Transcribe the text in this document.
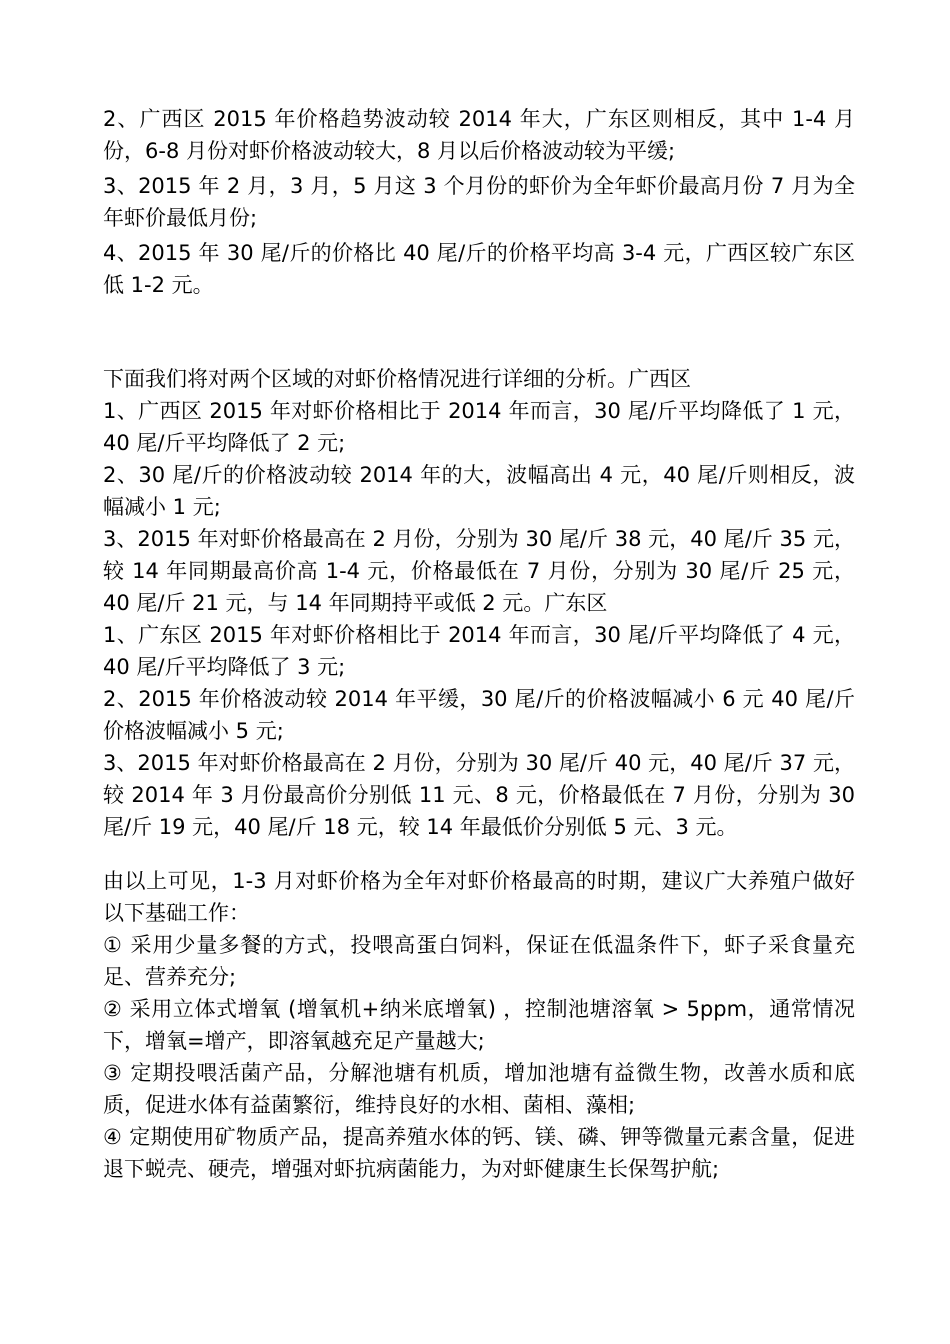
2、广西区 2015 年价格趋势波动较 2014 年大，广东区则相反，其中 1-4 月份，6-8 月份对虾价格波动较大，8 月以后价格波动较为平缓;

3、2015 年 2 月，3 月，5 月这 3 个月份的虾价为全年虾价最高月份 7 月为全年虾价最低月份;

4、2015 年 30 尾/斤的价格比 40 尾/斤的价格平均高 3-4 元，广西区较广东区低 1-2 元。

下面我们将对两个区域的对虾价格情况进行详细的分析。广西区

1、广西区 2015 年对虾价格相比于 2014 年而言，30 尾/斤平均降低了 1 元，40 尾/斤平均降低了 2 元;

2、30 尾/斤的价格波动较 2014 年的大，波幅高出 4 元，40 尾/斤则相反，波幅减小 1 元;

3、2015 年对虾价格最高在 2 月份，分别为 30 尾/斤 38 元，40 尾/斤 35 元，较 14 年同期最高价高 1-4 元，价格最低在 7 月份，分别为 30 尾/斤 25 元，40 尾/斤 21 元，与 14 年同期持平或低 2 元。广东区

1、广东区 2015 年对虾价格相比于 2014 年而言，30 尾/斤平均降低了 4 元，40 尾/斤平均降低了 3 元;

2、2015 年价格波动较 2014 年平缓，30 尾/斤的价格波幅减小 6 元 40 尾/斤价格波幅减小 5 元;

3、2015 年对虾价格最高在 2 月份，分别为 30 尾/斤 40 元，40 尾/斤 37 元，较 2014 年 3 月份最高价分别低 11 元、8 元，价格最低在 7 月份，分别为 30 尾/斤 19 元，40 尾/斤 18 元，较 14 年最低价分别低 5 元、3 元。

由以上可见，1-3 月对虾价格为全年对虾价格最高的时期，建议广大养殖户做好以下基础工作：

① 采用少量多餐的方式，投喂高蛋白饲料，保证在低温条件下，虾子采食量充足、营养充分;

② 采用立体式增氧 (增氧机+纳米底增氧) ，控制池塘溶氧 > 5ppm，通常情况下，增氧=增产，即溶氧越充足产量越大;

③ 定期投喂活菌产品，分解池塘有机质，增加池塘有益微生物，改善水质和底质，促进水体有益菌繁衍，维持良好的水相、菌相、藻相;

④ 定期使用矿物质产品，提高养殖水体的钙、镁、磷、钾等微量元素含量，促进退下蜕壳、硬壳，增强对虾抗病菌能力，为对虾健康生长保驾护航;
